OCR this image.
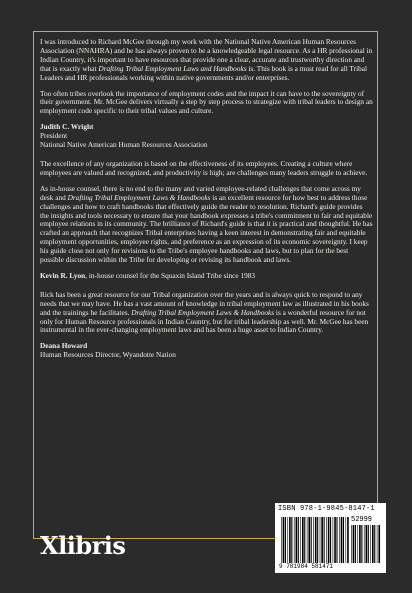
I was introduced to Richard McGee through my work with the National Native American Human Resources Association (NNAHRA) and he has always proven to be a knowledgeable legal resource. As a HR professional in Indian Country, it's important to have resources that provide one a clear, accurate and trustworthy direction and that is exactly what Drafting Tribal Employment Laws and Handbooks is. This book is a must read for all Tribal Leaders and HR professionals working within native governments and/or enterprises.

Too often tribes overlook the importance of employment codes and the impact it can have to the sovereignty of their government. Mr. McGee delivers virtually a step by step process to strategize with tribal leaders to design an employment code specific to their tribal values and culture.

Judith C. Wright
President
National Native American Human Resources Association

The excellence of any organization is based on the effectiveness of its employees. Creating a culture where employees are valued and recognized, and productivity is high; are challenges many leaders struggle to achieve.

As in-house counsel, there is no end to the many and varied employee-related challenges that come across my desk and Drafting Tribal Employment Laws & Handbooks is an excellent resource for how best to address those challenges and how to craft handbooks that effectively guide the reader to resolution. Richard's guide provides the insights and tools necessary to ensure that your handbook expresses a tribe's commitment to fair and equitable employee relations in its community. The brilliance of Richard's guide is that it is practical and thoughtful. He has crafted an approach that recognizes Tribal enterprises having a keen interest in demonstrating fair and equitable employment opportunities, employee rights, and preference as an expression of its economic sovereignty. I keep his guide close not only for revisions to the Tribe's employee handbooks and laws, but to plan for the best possible discussion within the Tribe for developing or revising its handbook and laws.

Kevin R. Lyon, in-house counsel for the Squaxin Island Tribe since 1983

Rick has been a great resource for our Tribal organization over the years and is always quick to respond to any needs that we may have. He has a vast amount of knowledge in tribal employment law as illustrated in his books and the trainings he facilitates. Drafting Tribal Employment Laws & Handbooks is a wonderful resource for not only for Human Resource professionals in Indian Country, but for tribal leadership as well. Mr. McGee has been instrumental in the ever-changing employment laws and has been a huge asset to Indian Country.

Deana Howard
Human Resources Director, Wyandotte Nation

ISBN 978-1-9845-8147-1
52999
9 781984 581471
Xlibris
